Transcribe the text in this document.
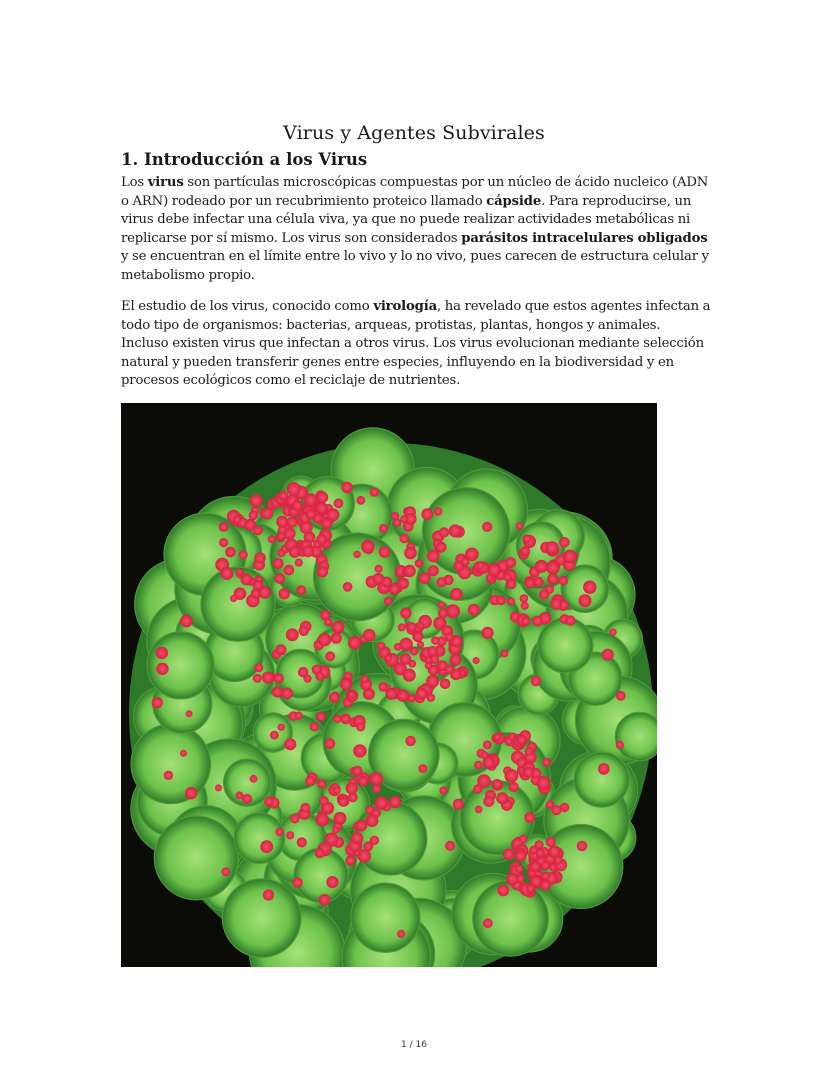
Virus y Agentes Subvirales
1. Introducción a los Virus

Los virus son partículas microscópicas compuestas por un núcleo de ácido nucleico (ADN o ARN) rodeado por un recubrimiento proteico llamado cápside. Para reproducirse, un virus debe infectar una célula viva, ya que no puede realizar actividades metabólicas ni replicarse por sí mismo. Los virus son considerados parásitos intracelulares obligados y se encuentran en el límite entre lo vivo y lo no vivo, pues carecen de estructura celular y metabolismo propio.

El estudio de los virus, conocido como virología, ha revelado que estos agentes infectan a todo tipo de organismos: bacterias, arqueas, protistas, plantas, hongos y animales. Incluso existen virus que infectan a otros virus. Los virus evolucionan mediante selección natural y pueden transferir genes entre especies, influyendo en la biodiversidad y en procesos ecológicos como el reciclaje de nutrientes.

1 / 16
